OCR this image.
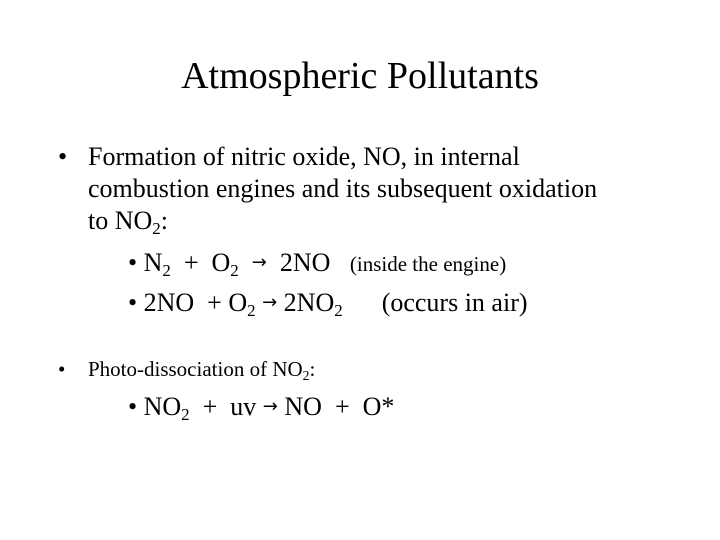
Atmospheric Pollutants
• Formation of nitric oxide, NO, in internal
combustion engines and its subsequent oxidation
to $NO_2$:
• $N_2 + O_2 \to 2NO$ (inside the engine)
• $2NO + O_2 \to 2NO_2$ (occurs in air)
• Photo-dissociation of $NO_2$:
• $NO_2$ + uv → NO + O*
